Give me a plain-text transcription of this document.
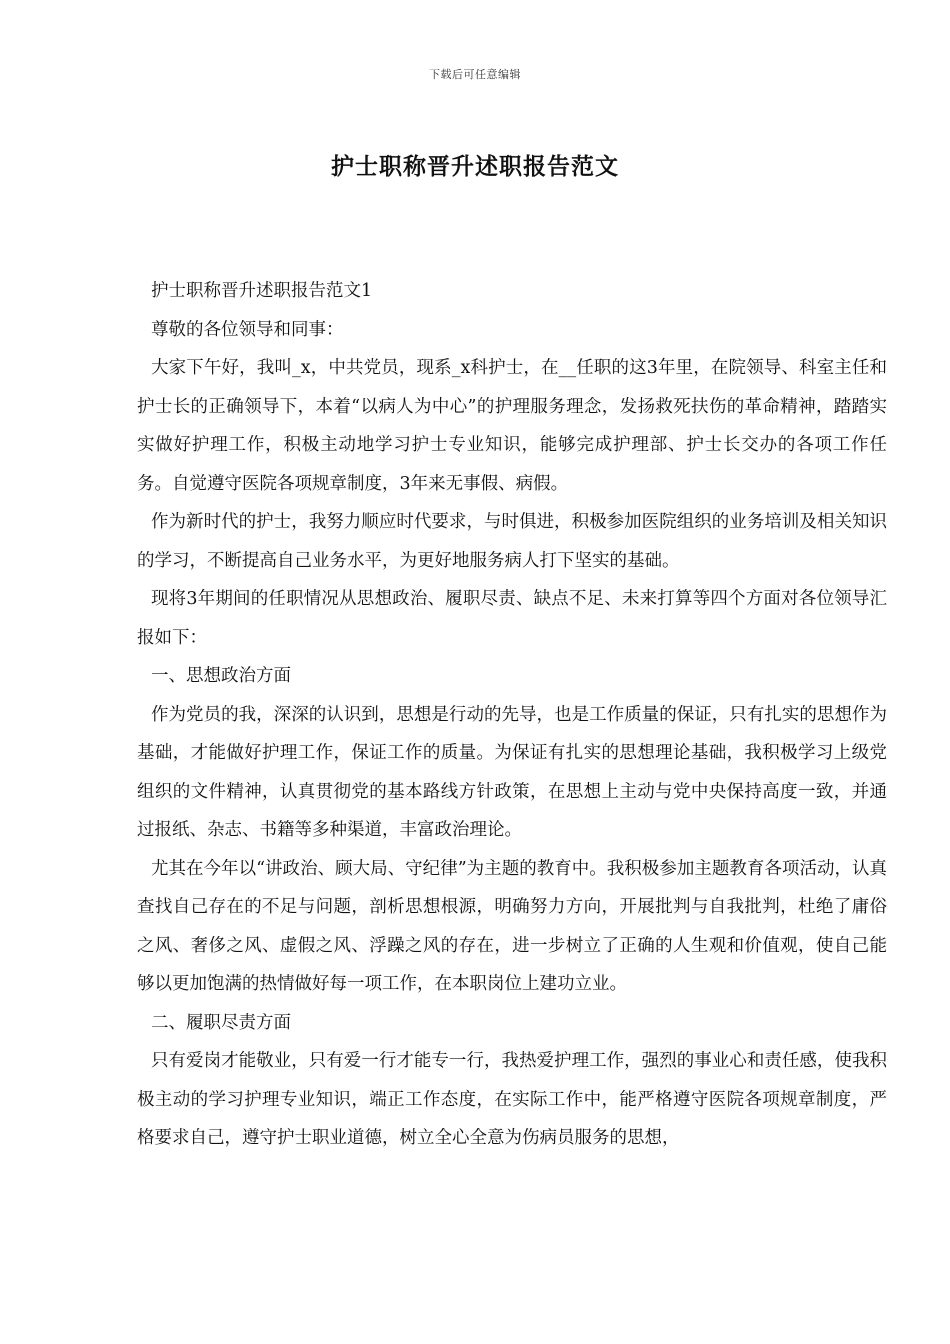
下载后可任意编辑
护士职称晋升述职报告范文

护士职称晋升述职报告范文1

尊敬的各位领导和同事：

大家下午好，我叫_x，中共党员，现系_x科护士，在__任职的这3年里，在院领导、科室主任和护士长的正确领导下，本着“以病人为中心”的护理服务理念，发扬救死扶伤的革命精神，踏踏实实做好护理工作，积极主动地学习护士专业知识，能够完成护理部、护士长交办的各项工作任务。自觉遵守医院各项规章制度，3年来无事假、病假。

作为新时代的护士，我努力顺应时代要求，与时俱进，积极参加医院组织的业务培训及相关知识的学习，不断提高自己业务水平，为更好地服务病人打下坚实的基础。

现将3年期间的任职情况从思想政治、履职尽责、缺点不足、未来打算等四个方面对各位领导汇报如下：

一、思想政治方面

作为党员的我，深深的认识到，思想是行动的先导，也是工作质量的保证，只有扎实的思想作为基础，才能做好护理工作，保证工作的质量。为保证有扎实的思想理论基础，我积极学习上级党组织的文件精神，认真贯彻党的基本路线方针政策，在思想上主动与党中央保持高度一致，并通过报纸、杂志、书籍等多种渠道，丰富政治理论。

尤其在今年以“讲政治、顾大局、守纪律”为主题的教育中。我积极参加主题教育各项活动，认真查找自己存在的不足与问题，剖析思想根源，明确努力方向，开展批判与自我批判，杜绝了庸俗之风、奢侈之风、虚假之风、浮躁之风的存在，进一步树立了正确的人生观和价值观，使自己能够以更加饱满的热情做好每一项工作，在本职岗位上建功立业。

二、履职尽责方面

只有爱岗才能敬业，只有爱一行才能专一行，我热爱护理工作，强烈的事业心和责任感，使我积极主动的学习护理专业知识，端正工作态度，在实际工作中，能严格遵守医院各项规章制度，严格要求自己，遵守护士职业道德，树立全心全意为伤病员服务的思想，
